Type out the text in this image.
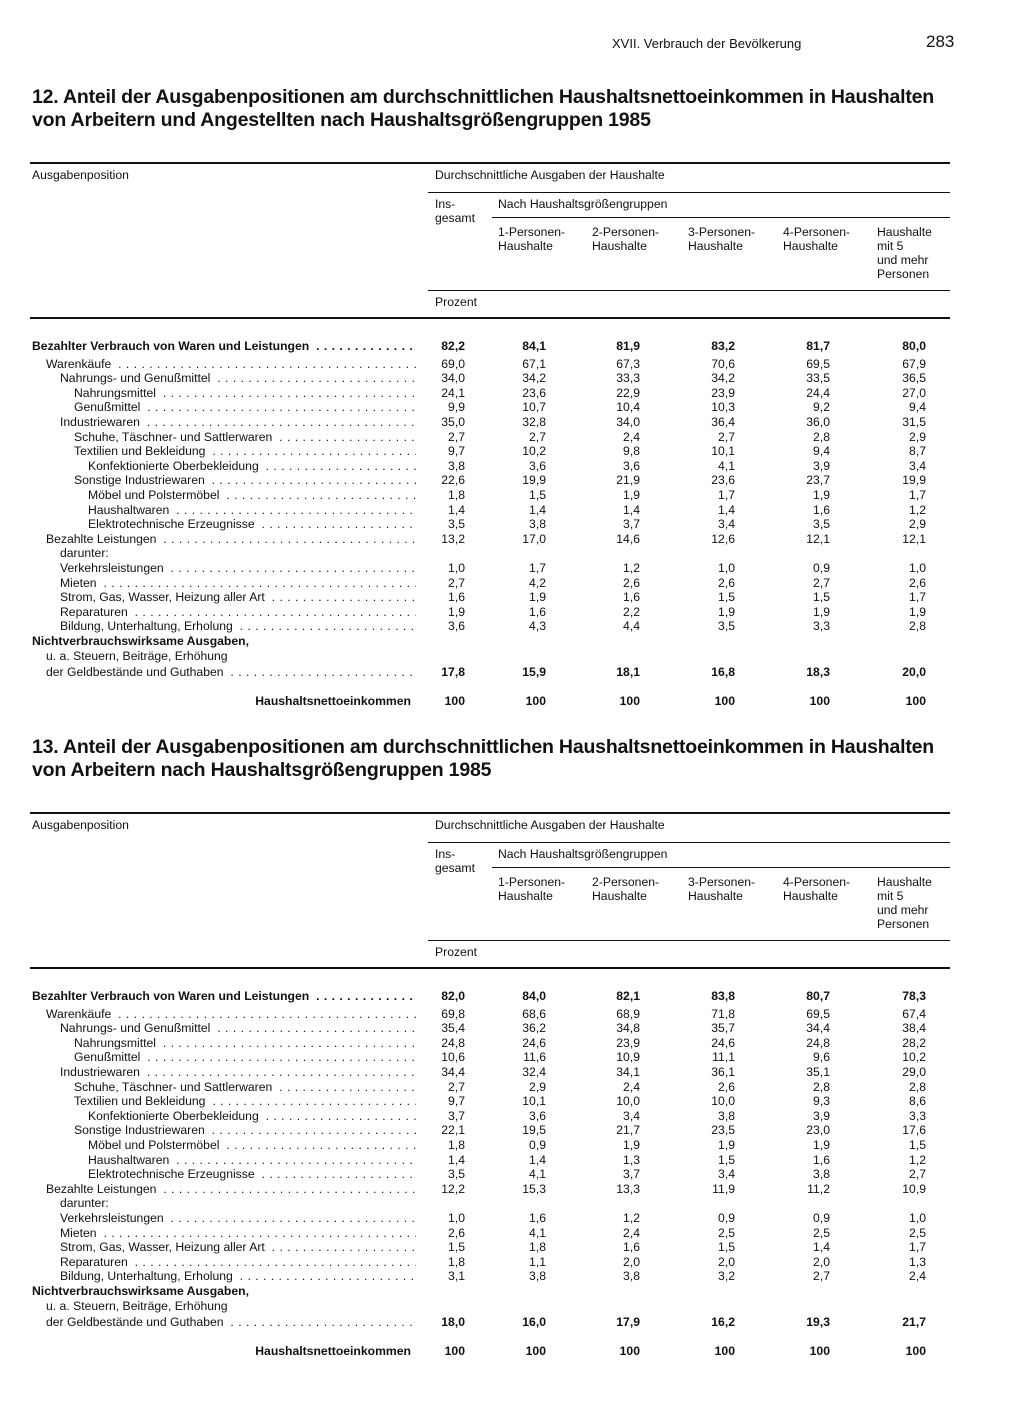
XVII. Verbrauch der Bevölkerung	283
12. Anteil der Ausgabenpositionen am durchschnittlichen Haushaltsnettoeinkommen in Haushalten von Arbeitern und Angestellten nach Haushaltsgrößengruppen 1985
Ausgabenposition	Durchschnittliche Ausgaben der Haushalte
Ins-
gesamt
Nach Haushaltsgrößengruppen
1-Personen-
Haushalte
2-Personen-
Haushalte
3-Personen-
Haushalte
4-Personen-
Haushalte
Haushalte
mit 5
und mehr
Personen
Prozent
Bezahlter Verbrauch von Waren und Leistungen . . .	82,2	84,1	81,9	83,2	81,7	80,0
Warenkäufe . . .	69,0	67,1	67,3	70,6	69,5	67,9
Nahrungs- und Genußmittel . . .	34,0	34,2	33,3	34,2	33,5	36,5
Nahrungsmittel . . .	24,1	23,6	22,9	23,9	24,4	27,0
Genußmittel . . .	9,9	10,7	10,4	10,3	9,2	9,4
Industriewaren . . .	35,0	32,8	34,0	36,4	36,0	31,5
Schuhe, Täschner- und Sattlerwaren . . .	2,7	2,7	2,4	2,7	2,8	2,9
Textilien und Bekleidung . . .	9,7	10,2	9,8	10,1	9,4	8,7
Konfektionierte Oberbekleidung . . .	3,8	3,6	3,6	4,1	3,9	3,4
Sonstige Industriewaren . . .	22,6	19,9	21,9	23,6	23,7	19,9
Möbel und Polstermöbel . . .	1,8	1,5	1,9	1,7	1,9	1,7
Haushaltwaren . . .	1,4	1,4	1,4	1,4	1,6	1,2
Elektrotechnische Erzeugnisse . . .	3,5	3,8	3,7	3,4	3,5	2,9
Bezahlte Leistungen . . .	13,2	17,0	14,6	12,6	12,1	12,1
darunter:
Verkehrsleistungen . . .	1,0	1,7	1,2	1,0	0,9	1,0
Mieten . . .	2,7	4,2	2,6	2,6	2,7	2,6
Strom, Gas, Wasser, Heizung aller Art . . .	1,6	1,9	1,6	1,5	1,5	1,7
Reparaturen . . .	1,9	1,6	2,2	1,9	1,9	1,9
Bildung, Unterhaltung, Erholung . . .	3,6	4,3	4,4	3,5	3,3	2,8
Nichtverbrauchswirksame Ausgaben,
u. a. Steuern, Beiträge, Erhöhung
der Geldbestände und Guthaben . . .	17,8	15,9	18,1	16,8	18,3	20,0
Haushaltsnettoeinkommen	100	100	100	100	100	100
13. Anteil der Ausgabenpositionen am durchschnittlichen Haushaltsnettoeinkommen in Haushalten von Arbeitern nach Haushaltsgrößengruppen 1985
Ausgabenposition	Durchschnittliche Ausgaben der Haushalte
Ins-
gesamt
Nach Haushaltsgrößengruppen
1-Personen-
Haushalte
2-Personen-
Haushalte
3-Personen-
Haushalte
4-Personen-
Haushalte
Haushalte
mit 5
und mehr
Personen
Prozent
Bezahlter Verbrauch von Waren und Leistungen . . .	82,0	84,0	82,1	83,8	80,7	78,3
Warenkäufe . . .	69,8	68,6	68,9	71,8	69,5	67,4
Nahrungs- und Genußmittel . . .	35,4	36,2	34,8	35,7	34,4	38,4
Nahrungsmittel . . .	24,8	24,6	23,9	24,6	24,8	28,2
Genußmittel . . .	10,6	11,6	10,9	11,1	9,6	10,2
Industriewaren . . .	34,4	32,4	34,1	36,1	35,1	29,0
Schuhe, Täschner- und Sattlerwaren . . .	2,7	2,9	2,4	2,6	2,8	2,8
Textilien und Bekleidung . . .	9,7	10,1	10,0	10,0	9,3	8,6
Konfektionierte Oberbekleidung . . .	3,7	3,6	3,4	3,8	3,9	3,3
Sonstige Industriewaren . . .	22,1	19,5	21,7	23,5	23,0	17,6
Möbel und Polstermöbel . . .	1,8	0,9	1,9	1,9	1,9	1,5
Haushaltwaren . . .	1,4	1,4	1,3	1,5	1,6	1,2
Elektrotechnische Erzeugnisse . . .	3,5	4,1	3,7	3,4	3,8	2,7
Bezahlte Leistungen . . .	12,2	15,3	13,3	11,9	11,2	10,9
darunter:
Verkehrsleistungen . . .	1,0	1,6	1,2	0,9	0,9	1,0
Mieten . . .	2,6	4,1	2,4	2,5	2,5	2,5
Strom, Gas, Wasser, Heizung aller Art . . .	1,5	1,8	1,6	1,5	1,4	1,7
Reparaturen . . .	1,8	1,1	2,0	2,0	2,0	1,3
Bildung, Unterhaltung, Erholung . . .	3,1	3,8	3,8	3,2	2,7	2,4
Nichtverbrauchswirksame Ausgaben,
u. a. Steuern, Beiträge, Erhöhung
der Geldbestände und Guthaben . . .	18,0	16,0	17,9	16,2	19,3	21,7
Haushaltsnettoeinkommen	100	100	100	100	100	100
